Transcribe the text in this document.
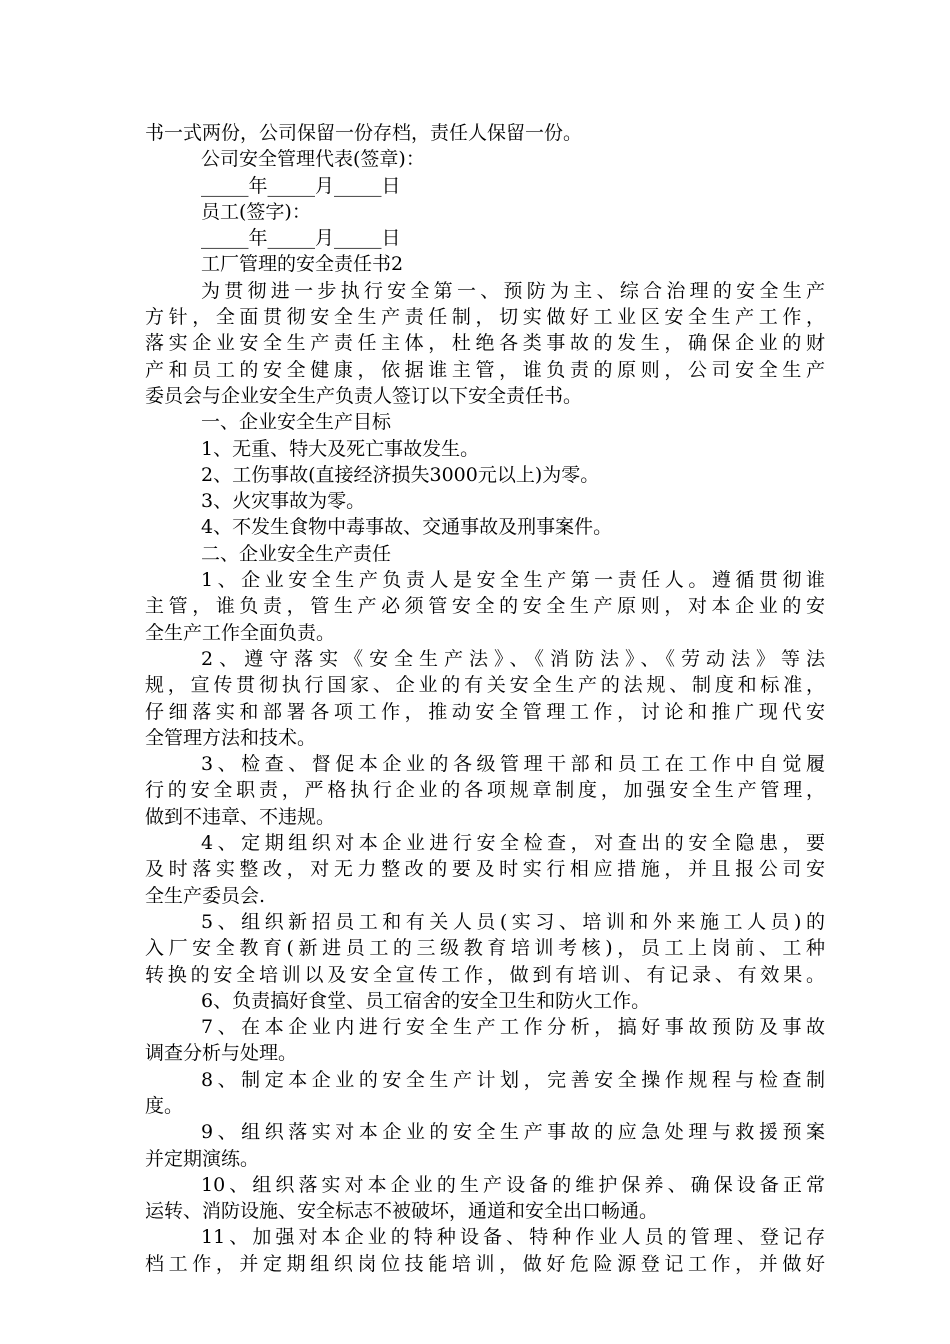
书一式两份，公司保留一份存档，责任人保留一份。
公司安全管理代表(签章)：
_____年_____月_____日
员工(签字)：
_____年_____月_____日
工厂管理的安全责任书2
为贯彻进一步执行安全第一、预防为主、综合治理的安全生产
方针，全面贯彻安全生产责任制，切实做好工业区安全生产工作，
落实企业安全生产责任主体，杜绝各类事故的发生，确保企业的财
产和员工的安全健康，依据谁主管，谁负责的原则，公司安全生产
委员会与企业安全生产负责人签订以下安全责任书。
一、企业安全生产目标
1、无重、特大及死亡事故发生。
2、工伤事故(直接经济损失3000元以上)为零。
3、火灾事故为零。
4、不发生食物中毒事故、交通事故及刑事案件。
二、企业安全生产责任
1、企业安全生产负责人是安全生产第一责任人。遵循贯彻谁
主管，谁负责，管生产必须管安全的安全生产原则，对本企业的安
全生产工作全面负责。
2、遵守落实《安全生产法》、《消防法》、《劳动法》等法
规，宣传贯彻执行国家、企业的有关安全生产的法规、制度和标准，
仔细落实和部署各项工作，推动安全管理工作，讨论和推广现代安
全管理方法和技术。
3、检查、督促本企业的各级管理干部和员工在工作中自觉履
行的安全职责，严格执行企业的各项规章制度，加强安全生产管理，
做到不违章、不违规。
4、定期组织对本企业进行安全检查，对查出的安全隐患，要
及时落实整改，对无力整改的要及时实行相应措施，并且报公司安
全生产委员会.
5、组织新招员工和有关人员(实习、培训和外来施工人员)的
入厂安全教育(新进员工的三级教育培训考核)，员工上岗前、工种
转换的安全培训以及安全宣传工作，做到有培训、有记录、有效果。
6、负责搞好食堂、员工宿舍的安全卫生和防火工作。
7、在本企业内进行安全生产工作分析，搞好事故预防及事故
调查分析与处理。
8、制定本企业的安全生产计划，完善安全操作规程与检查制
度。
9、组织落实对本企业的安全生产事故的应急处理与救援预案
并定期演练。
10、组织落实对本企业的生产设备的维护保养、确保设备正常
运转、消防设施、安全标志不被破坏，通道和安全出口畅通。
11、加强对本企业的特种设备、特种作业人员的管理、登记存
档工作，并定期组织岗位技能培训，做好危险源登记工作，并做好
